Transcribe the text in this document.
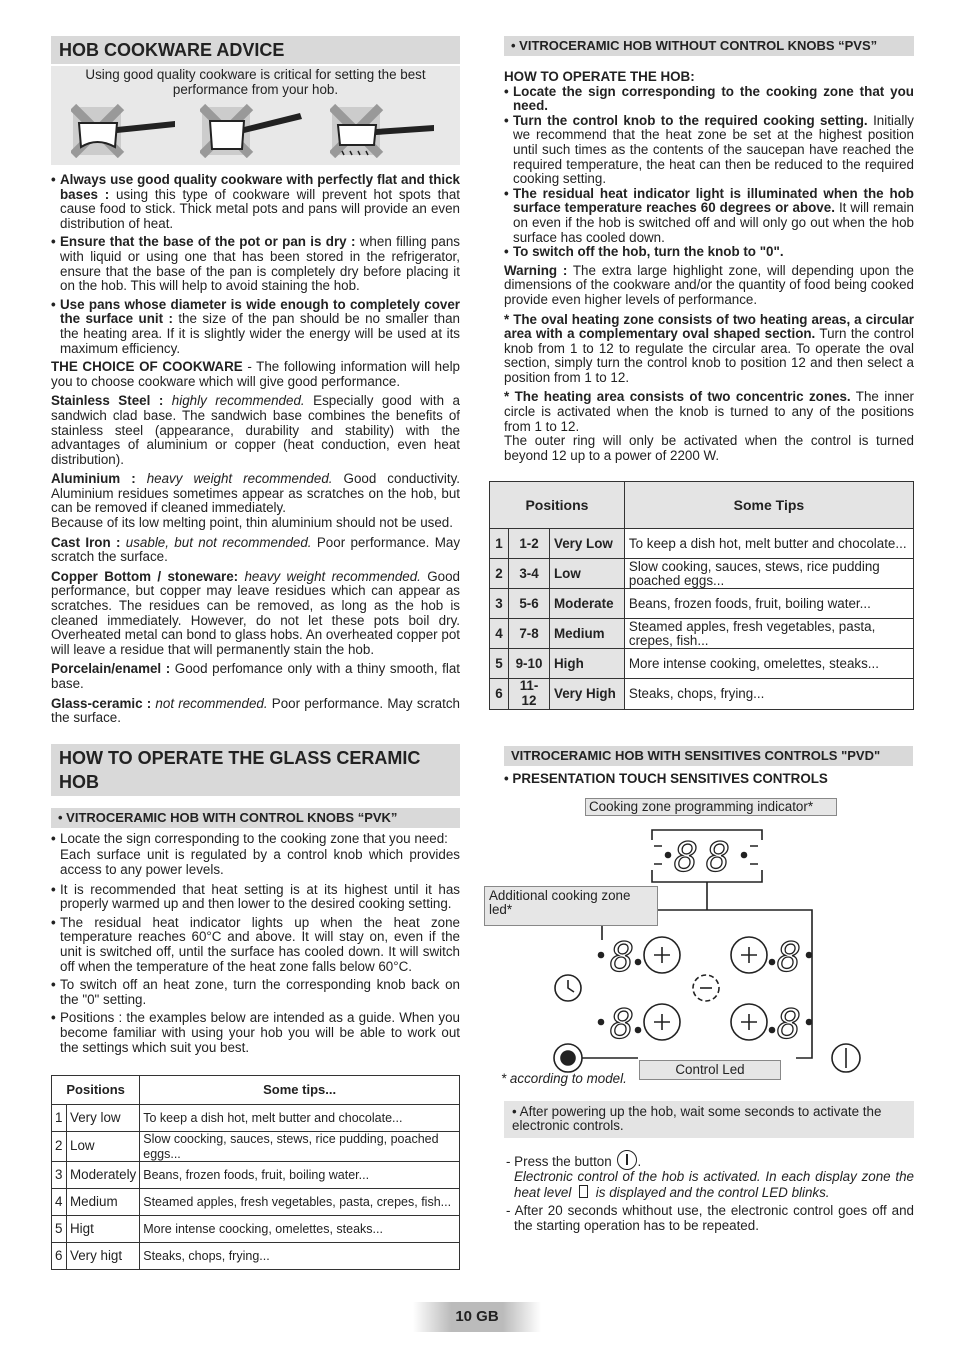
HOB COOKWARE ADVICE

Using good quality cookware is critical for setting the best performance from your hob.

• Always use good quality cookware with perfectly flat and thick bases : using this type of cookware will prevent hot spots that cause food to stick. Thick metal pots and pans will provide an even distribution of heat.
• Ensure that the base of the pot or pan is dry : when filling pans with liquid or using one that has been stored in the refrigerator, ensure that the base of the pan is completely dry before placing it on the hob. This will help to avoid staining the hob.
• Use pans whose diameter is wide enough to completely cover the surface unit : the size of the pan should be no smaller than the heating area. If it is slightly wider the energy will be used at its maximum efficiency.

THE CHOICE OF COOKWARE - The following information will help you to choose cookware which will give good performance.

Stainless Steel : highly recommended. Especially good with a sandwich clad base. The sandwich base combines the benefits of stainless steel (appearance, durability and stability) with the advantages of aluminium or copper (heat conduction, even heat distribution).

Aluminium : heavy weight recommended. Good conductivity. Aluminium residues sometimes appear as scratches on the hob, but can be removed if cleaned immediately.

Because of its low melting point, thin aluminium should not be used.

Cast Iron : usable, but not recommended. Poor performance. May scratch the surface.

Copper Bottom / stoneware: heavy weight recommended. Good performance, but copper may leave residues which can appear as scratches. The residues can be removed, as long as the hob is cleaned immediately. However, do not let these pots boil dry. Overheated metal can bond to glass hobs. An overheated copper pot will leave a residue that will permanently stain the hob.

Porcelain/enamel : Good perfomance only with a thiny smooth, flat base.

Glass-ceramic : not recommended. Poor performance. May scratch the surface.

HOW TO OPERATE THE GLASS CERAMIC HOB
• VITROCERAMIC HOB WITH CONTROL KNOBS “PVK”
• Locate the sign corresponding to the cooking zone that you need:

Each surface unit is regulated by a control knob which provides access to any power levels.

• It is recommended that heat setting is at its highest until it has properly warmed up and then lower to the desired cooking setting.
• The residual heat indicator lights up when the heat zone temperature reaches 60°C and above. It will stay on, even if the unit is switched off, until the surface has cooled down. It will switch off when the temperature of the heat zone falls below 60°C.
• To switch off an heat zone, turn the corresponding knob back on the "0" setting.
• Positions : the examples below are intended as a guide. When you become familiar with using your hob you will be able to work out the settings which suit you best.
Positions		Some tips...
1	Very low	To keep a dish hot, melt butter and chocolate...
2	Low	Slow coocking, sauces, stews, rice pudding, poached eggs...
3	Moderately	Beans, frozen foods, fruit, boiling water...
4	Medium	Steamed apples, fresh vegetables, pasta, crepes, fish...
5	Higt	More intense coocking, omelettes, steaks...
6	Very higt	Steaks, chops, frying...
• VITROCERAMIC HOB WITHOUT CONTROL KNOBS “PVS”

HOW TO OPERATE THE HOB:

• Locate the sign corresponding to the cooking zone that you need.
• Turn the control knob to the required cooking setting. Initially we recommend that the heat zone be set at the highest position until such times as the contents of the saucepan have reached the required temperature, the heat can then be reduced to the required cooking setting.
• The residual heat indicator light is illuminated when the hob surface temperature reaches 60 degrees or above. It will remain on even if the hob is switched off and will only go out when the hob surface has cooled down.
• To switch off the hob, turn the knob to "0".

Warning : The extra large highlight zone, will depending upon the dimensions of the cookware and/or the quantity of food being cooked provide even higher levels of performance.

* The oval heating zone consists of two heating areas, a circular area with a complementary oval shaped section. Turn the control knob from 1 to 12 to regulate the circular area. To operate the oval section, simply turn the control knob to position 12 and then select a position from 1 to 12.

* The heating area consists of two concentric zones. The inner circle is activated when the knob is turned to any of the positions from 1 to 12.

The outer ring will only be activated when the control is turned beyond 12 up to a power of 2200 W.

Positions			Some Tips
1	1-2	Very Low	To keep a dish hot, melt butter and chocolate...
2	3-4	Low	Slow cooking, sauces, stews, rice pudding poached eggs...
3	5-6	Moderate	Beans, frozen foods, fruit, boiling water...
4	7-8	Medium	Steamed apples, fresh vegetables, pasta, crepes, fish...
5	9-10	High	More intense cooking, omelettes, steaks...
6	11-12	Very High	Steaks, chops, frying...
VITROCERAMIC HOB WITH SENSITIVES CONTROLS "PVD"

• PRESENTATION TOUCH SENSITIVES CONTROLS

8 8
8	8
8	8
Cooking zone programming indicator*
Additional cooking zone led*
Control Led

* according to model.

• After powering up the hob, wait some seconds to activate the electronic controls.

- Press the button .

Electronic control of the hob is activated. In each display zone the heat level is displayed and the control LED blinks.

- After 20 seconds whithout use, the electronic control goes off and the starting operation has to be repeated.

10 GB
